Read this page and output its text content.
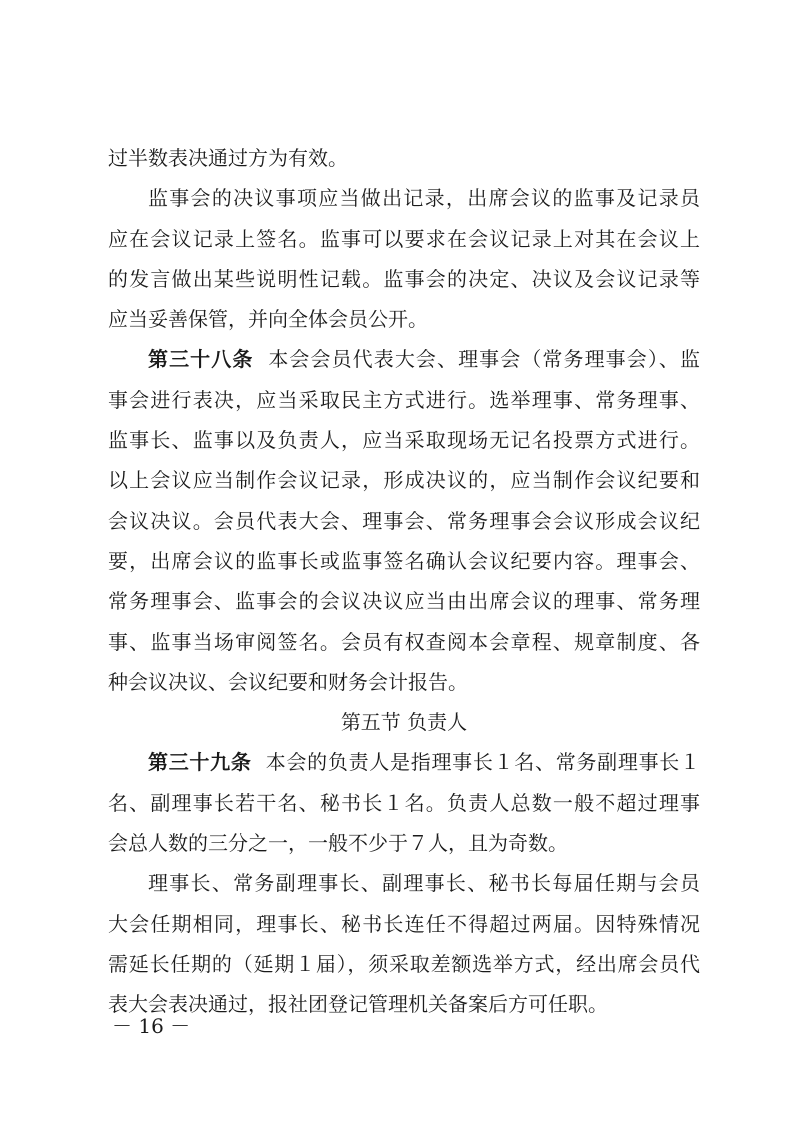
过半数表决通过方为有效。
监事会的决议事项应当做出记录，出席会议的监事及记录员
应在会议记录上签名。监事可以要求在会议记录上对其在会议上
的发言做出某些说明性记载。监事会的决定、决议及会议记录等
应当妥善保管，并向全体会员公开。
第三十八条 本会会员代表大会、理事会（常务理事会）、监
事会进行表决，应当采取民主方式进行。选举理事、常务理事、
监事长、监事以及负责人，应当采取现场无记名投票方式进行。
以上会议应当制作会议记录，形成决议的，应当制作会议纪要和
会议决议。会员代表大会、理事会、常务理事会会议形成会议纪
要，出席会议的监事长或监事签名确认会议纪要内容。理事会、
常务理事会、监事会的会议决议应当由出席会议的理事、常务理
事、监事当场审阅签名。会员有权查阅本会章程、规章制度、各
种会议决议、会议纪要和财务会计报告。
第五节 负责人
第三十九条 本会的负责人是指理事长１名、常务副理事长１
名、副理事长若干名、秘书长１名。负责人总数一般不超过理事
会总人数的三分之一，一般不少于７人，且为奇数。
理事长、常务副理事长、副理事长、秘书长每届任期与会员
大会任期相同，理事长、秘书长连任不得超过两届。因特殊情况
需延长任期的（延期１届），须采取差额选举方式，经出席会员代
表大会表决通过，报社团登记管理机关备案后方可任职。
－ 16 －
